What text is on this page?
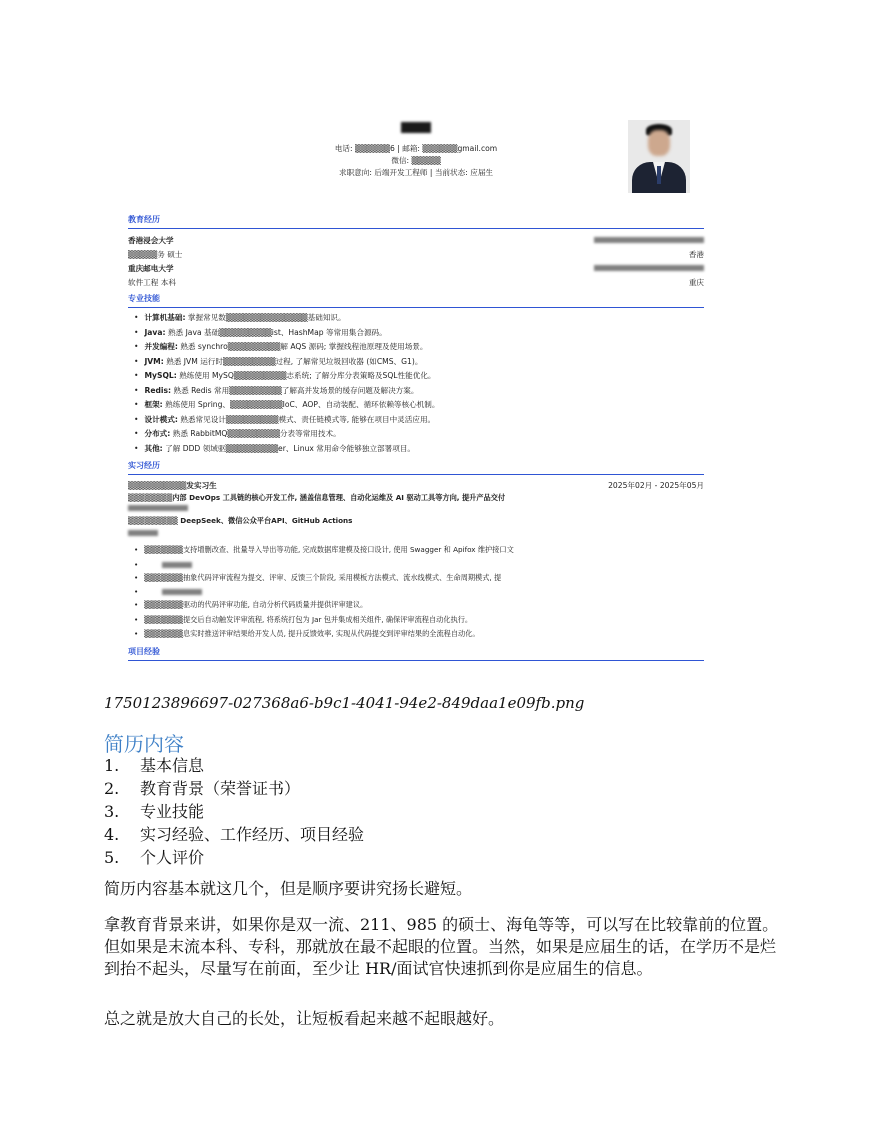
电话: ▒▒▒▒▒▒6 | 邮箱: ▒▒▒▒▒▒gmail.com
微信: ▒▒▒▒▒
求职意向: 后端开发工程师 | 当前状态: 应届生
教育经历
香港浸会大学
▒▒▒▒▒务 硕士	香港
重庆邮电大学
软件工程 本科	重庆
专业技能
• 计算机基础: 掌握常见数▒▒▒▒▒▒▒▒▒▒▒▒▒▒基础知识。
• Java: 熟悉 Java 基础▒▒▒▒▒▒▒▒▒ist、HashMap 等常用集合源码。
• 并发编程: 熟悉 synchro▒▒▒▒▒▒▒▒▒解 AQS 源码; 掌握线程池原理及使用场景。
• JVM: 熟悉 JVM 运行时▒▒▒▒▒▒▒▒▒过程, 了解常见垃圾回收器 (如CMS、G1)。
• MySQL: 熟练使用 MySQ▒▒▒▒▒▒▒▒▒志系统; 了解分库分表策略及SQL性能优化。
• Redis: 熟悉 Redis 常用▒▒▒▒▒▒▒▒▒了解高并发场景的缓存问题及解决方案。
• 框架: 熟练使用 Spring、▒▒▒▒▒▒▒▒▒IoC、AOP、自动装配、循环依赖等核心机制。
• 设计模式: 熟悉常见设计▒▒▒▒▒▒▒▒▒模式、责任链模式等, 能够在项目中灵活应用。
• 分布式: 熟悉 RabbitMQ▒▒▒▒▒▒▒▒▒分表等常用技术。
• 其他: 了解 DDD 领域驱▒▒▒▒▒▒▒▒▒er、Linux 常用命令能够独立部署项目。
实习经历
▒▒▒▒▒▒▒▒▒▒发实习生	2025年02月 - 2025年05月
▒▒▒▒▒▒▒▒内部 DevOps 工具链的核心开发工作, 涵盖信息管理、自动化运维及 AI 驱动工具等方向, 提升产品交付
▒▒▒▒▒▒▒▒▒ DeepSeek、微信公众平台API、GitHub Actions
• ▒▒▒▒▒▒▒支持增删改查、批量导入导出等功能, 完成数据库建模及接口设计, 使用 Swagger 和 Apifox 维护接口文
•
• ▒▒▒▒▒▒▒抽象代码评审流程为提交、评审、反馈三个阶段, 采用模板方法模式、流水线模式、生命周期模式, 提
•
• ▒▒▒▒▒▒▒驱动的代码评审功能, 自动分析代码质量并提供评审建议。
• ▒▒▒▒▒▒▒提交后自动触发评审流程, 将系统打包为 Jar 包并集成相关组件, 确保评审流程自动化执行。
• ▒▒▒▒▒▒▒息实时推送评审结果给开发人员, 提升反馈效率, 实现从代码提交到评审结果的全流程自动化。
项目经验
1750123896697-027368a6-b9c1-4041-94e2-849daa1e09fb.png
简历内容
1. 基本信息
2. 教育背景（荣誉证书）
3. 专业技能
4. 实习经验、工作经历、项目经验
5. 个人评价

简历内容基本就这几个，但是顺序要讲究扬长避短。

拿教育背景来讲，如果你是双一流、211、985 的硕士、海龟等等，可以写在比较靠前的位置。但如果是末流本科、专科，那就放在最不起眼的位置。当然，如果是应届生的话，在学历不是烂到抬不起头，尽量写在前面，至少让 HR/面试官快速抓到你是应届生的信息。

总之就是放大自己的长处，让短板看起来越不起眼越好。
